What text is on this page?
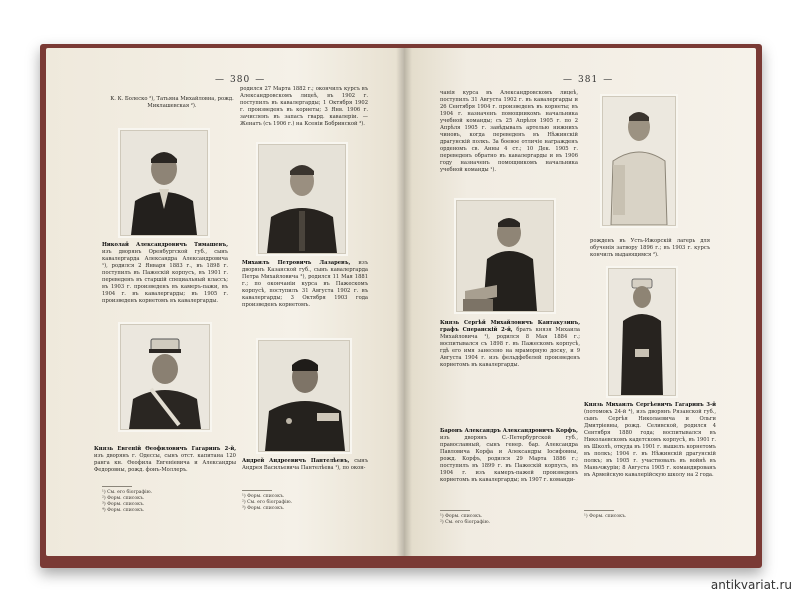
— 380 —
К. К. Болеско ²), Татьяна Михайловна, рожд. Миклашевская ²).
родился 27 Марта 1882 г.; окончилъ курсъ въ Александровскомъ лицеѣ, въ 1902 г. поступилъ въ кавалергарды; 1 Октября 1902 г. произведенъ въ корнеты; 3 Янв. 1906 г. зачисленъ въ запасъ гвард. кавалеріи. — Женатъ (съ 1906 г.) на Ксеніи Бобринской ³).
Николай Александровичъ Тимашевъ, изъ дворянъ Оренбургской губ., сынъ кавалергарда Александра Александровича ¹), родился 2 Января 1883 г., въ 1898 г. поступилъ въ Пажескій корпусъ, въ 1901 г. переведенъ въ старшій специальный классъ; въ 1903 г. произведенъ въ камеръ-пажи, въ 1904 г. въ кавалергарды; въ 1905 г. произведенъ корнетомъ въ кавалергарды.
Михаилъ Петровичъ Лазаревъ, изъ дворянъ Казанской губ., сынъ кавалергарда Петра Михайловича ²), родился 11 Мая 1881 г.; по окончаніи курса въ Пажескомъ корпусѣ, поступилъ 31 Августа 1902 г. въ кавалергарды; 3 Октября 1903 года произведенъ корнетомъ.
Князь Евгеній Өеофиловичъ Гагаринъ 2-й, изъ дворянъ г. Одессы, сынъ отст. капитана 120 ранга кн. Өеофила Евгеніевича и Александры Федоровны, рожд. фонъ-Моллеръ.
Андрей Андреевичъ Пантелѣевъ, сынъ Андрея Васильевича Пантелѣева ¹), по окон-
¹) См. его біографію.
²) Форм. списокъ.
³) Форм. списокъ.
⁴) Форм. списокъ.
¹) Форм. списокъ.
²) См. его біографію.
³) Форм. списокъ.
— 381 —
чанія курса въ Александровскомъ лицеѣ, поступилъ 31 Августа 1902 г. въ кавалергарды и 26 Сентября 1904 г. произведенъ въ корнеты; въ 1904 г. назначенъ помощникомъ начальника учебной команды; съ 25 Апрѣля 1905 г. по 2 Апрѣля 1905 г. завѣдывалъ артелью нижнихъ чиновъ, когда переведенъ въ Нѣжинскій драгунскій полкъ. За боевое отличіе награжденъ орденомъ св. Анны 4 ст.; 10 Дек. 1905 г. переведенъ обратно въ кавалергарды и въ 1906 году назначенъ помощникомъ начальника учебной команды ¹).
рожденъ въ Усть-Ижорскій лагерь для обученія затвору 1896 г.; въ 1903 г. курсъ кончилъ выдающимся ²).
Князь Сергѣй Михайловичъ Кантакузинъ, графъ Сперанскій 2-й, братъ князя Михаила Михайловича ¹), родился 8 Мая 1884 г.; воспитывался съ 1898 г. въ Пажескомъ корпусѣ, гдѣ его имя занесено на мраморную доску, и 9 Августа 1904 г. изъ фельдфебелей произведенъ корнетомъ въ кавалергарды.
Князь Михаилъ Сергѣевичъ Гагаринъ 3-й (потомокъ 24-й ⁴), изъ дворянъ Рязанской губ., сынъ Сергѣя Николаевича и Ольги Дмитріевны, рожд. Селивской, родился 4 Сентября 1880 года; воспитывался въ Николаевскомъ кадетскомъ корпусѣ, въ 1901 г. въ Школѣ, откуда въ 1901 г. вышелъ корнетомъ въ полкъ; 1904 г. въ Нѣжинскій драгунскій полкъ; въ 1905 г. участвовалъ въ войнѣ въ Маньчжуріи; 8 Августа 1905 г. командированъ въ Армейскую кавалерійскую школу на 2 года.
Баронъ Александръ Александровичъ Корфъ, изъ дворянъ С.-Петербургской губ., православный, сынъ генер. бар. Александра Павловича Корфа и Александры Іосифовны, рожд. Корфъ, родился 29 Марта 1886 г.; поступилъ въ 1899 г. въ Пажескій корпусъ, въ 1904 г. изъ камеръ-пажей произведенъ корнетомъ въ кавалергарды; въ 1907 г. команди-
¹) Форм. списокъ.
²) См. его біографію.
¹) Форм. списокъ.
antikvariat.ru
